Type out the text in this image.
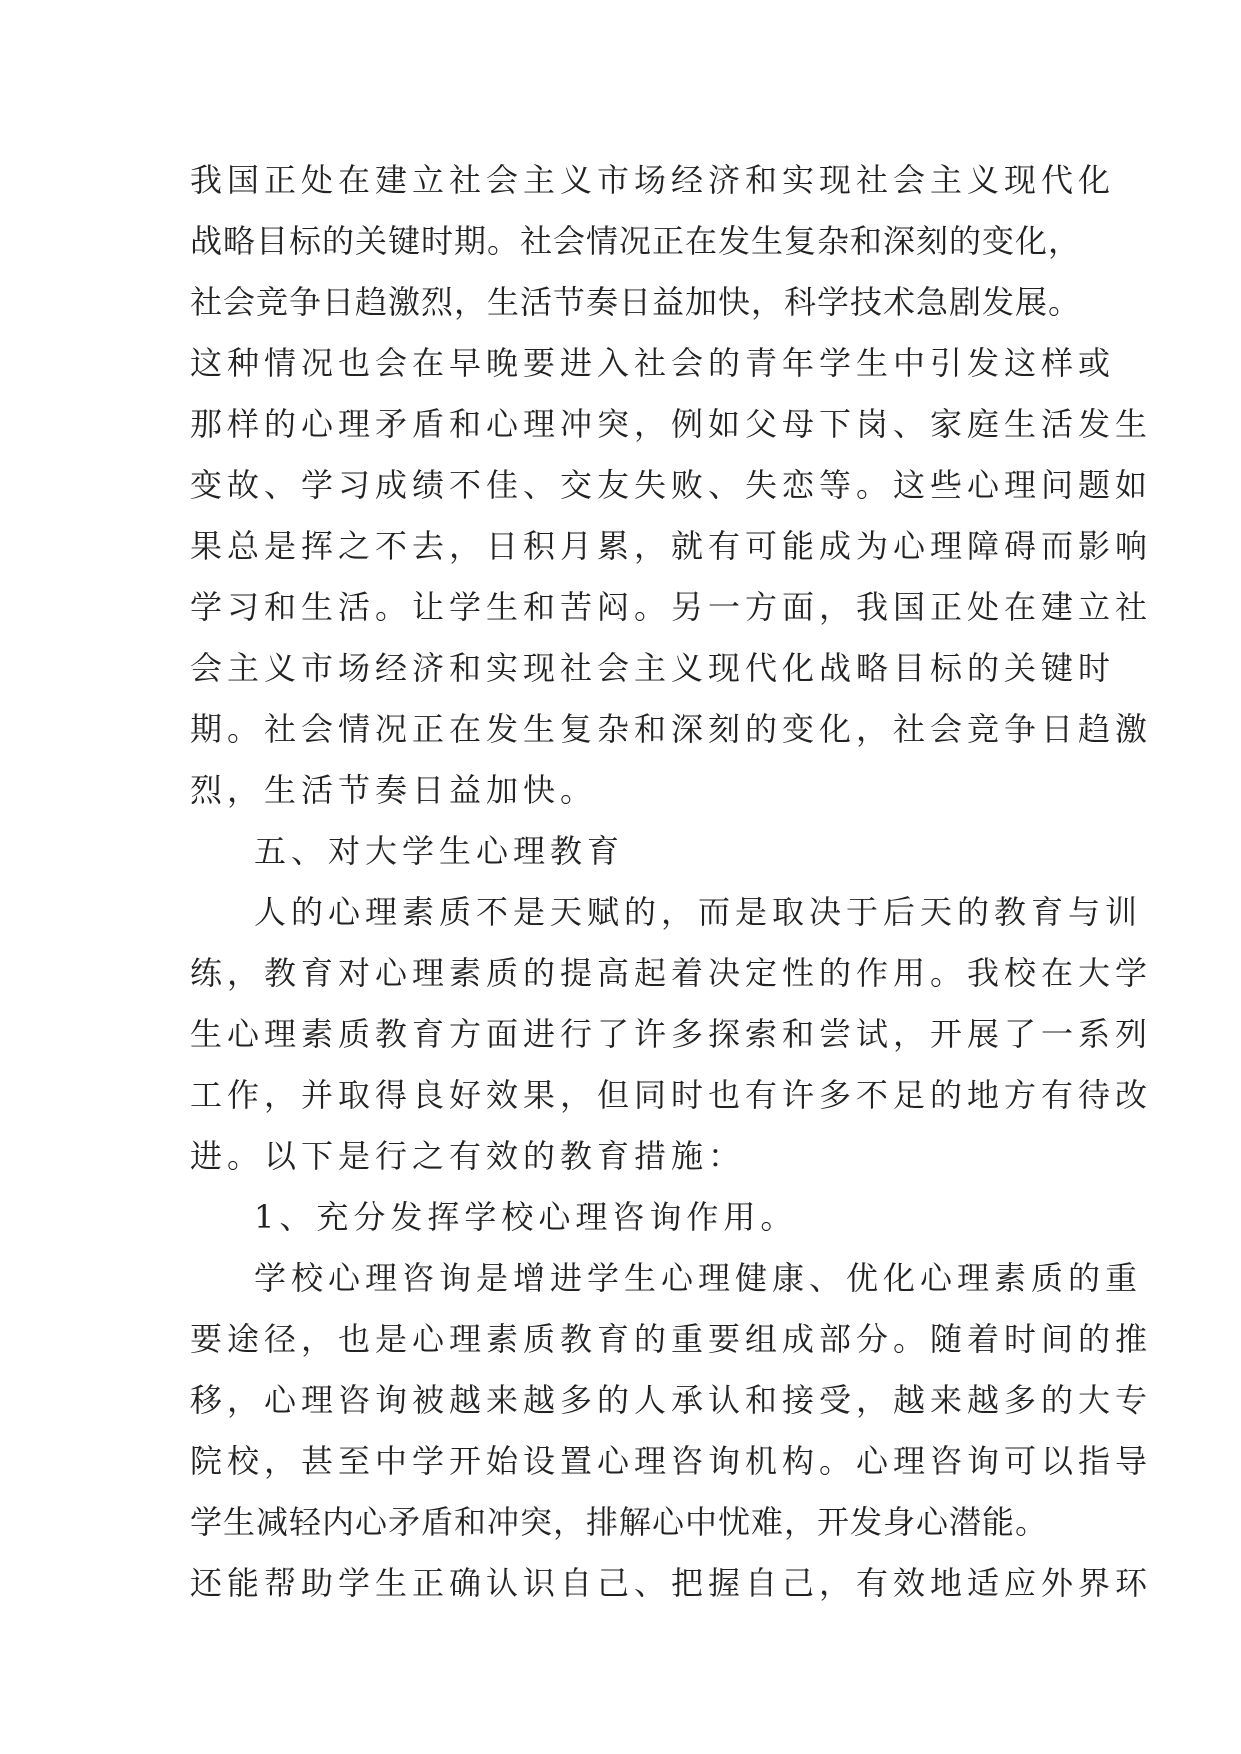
我国正处在建立社会主义市场经济和实现社会主义现代化
战略目标的关键时期。社会情况正在发生复杂和深刻的变化，
社会竞争日趋激烈，生活节奏日益加快，科学技术急剧发展。
这种情况也会在早晚要进入社会的青年学生中引发这样或
那样的心理矛盾和心理冲突，例如父母下岗、家庭生活发生
变故、学习成绩不佳、交友失败、失恋等。这些心理问题如
果总是挥之不去，日积月累，就有可能成为心理障碍而影响
学习和生活。让学生和苦闷。另一方面，我国正处在建立社
会主义市场经济和实现社会主义现代化战略目标的关键时
期。社会情况正在发生复杂和深刻的变化，社会竞争日趋激
烈，生活节奏日益加快。
五、对大学生心理教育
人的心理素质不是天赋的，而是取决于后天的教育与训
练，教育对心理素质的提高起着决定性的作用。我校在大学
生心理素质教育方面进行了许多探索和尝试，开展了一系列
工作，并取得良好效果，但同时也有许多不足的地方有待改
进。以下是行之有效的教育措施：
1、充分发挥学校心理咨询作用。
学校心理咨询是增进学生心理健康、优化心理素质的重
要途径，也是心理素质教育的重要组成部分。随着时间的推
移，心理咨询被越来越多的人承认和接受，越来越多的大专
院校，甚至中学开始设置心理咨询机构。心理咨询可以指导
学生减轻内心矛盾和冲突，排解心中忧难，开发身心潜能。
还能帮助学生正确认识自己、把握自己，有效地适应外界环
